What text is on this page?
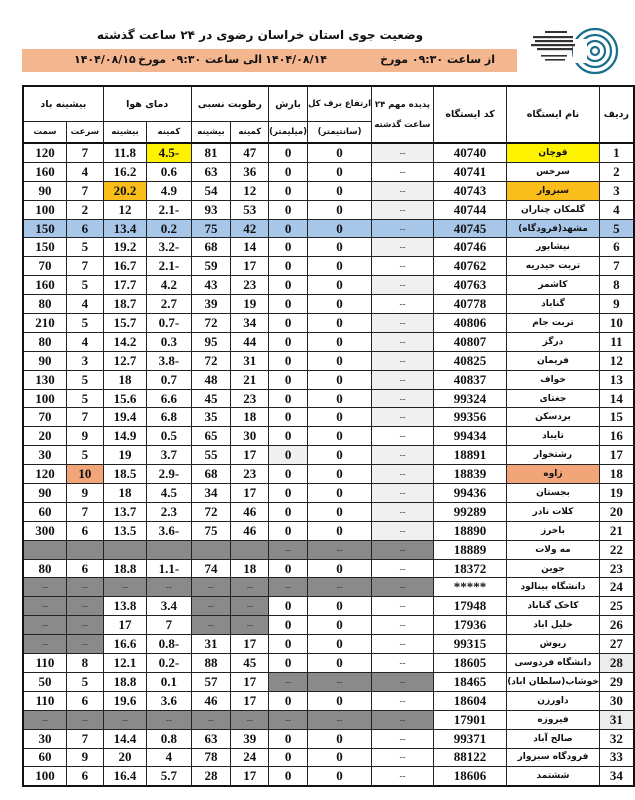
وضعیت جوی استان خراسان رضوی در ۲۴ ساعت گذشته
از ساعت ۰۹:۳۰ مورخ
۱۴۰۴/۰۸/۱۴
الی ساعت ۰۹:۳۰ مورخ
۱۴۰۴/۰۸/۱۵
ردیف	نام ایستگاه	کد ایستگاه	پدیده مهم ۲۴ ساعت گذشته	ارتفاع برف کل	بارش	رطوبت نسبی		دمای هوا		بیشینه باد	
				(سانتیمتر)	(میلیمتر)	کمینه	بیشینه	کمینه	بیشینه	سرعت	سمت
1	قوچان	40740	--	0	0	47	81	-4.5	11.8	7	120
2	سرخس	40741	--	0	0	36	63	0.6	16.2	4	160
3	سبزوار	40743	--	0	0	12	54	4.9	20.2	7	90
4	گلمکان چناران	40744	--	0	0	53	93	-2.1	12	2	100
5	مشهد(فرودگاه)	40745	--	0	0	42	75	0.2	13.4	6	150
6	نیشابور	40746	--	0	0	14	68	-3.2	19.2	5	150
7	تربت حیدریه	40762	--	0	0	17	59	-2.1	16.7	7	70
8	کاشمر	40763	--	0	0	23	43	4.2	17.7	5	160
9	گناباد	40778	--	0	0	19	39	2.7	18.7	4	80
10	تربت جام	40806	--	0	0	34	72	-0.7	15.7	5	210
11	درگز	40807	--	0	0	44	95	0.3	14.2	4	80
12	فریمان	40825	--	0	0	31	72	-3.8	12.7	3	90
13	خواف	40837	--	0	0	21	48	0.7	18	5	130
14	جغتای	99324	--	0	0	23	45	6.6	15.6	5	100
15	بردسکن	99356	--	0	0	18	35	6.8	19.4	7	70
16	تایباد	99434	--	0	0	30	65	0.5	14.9	9	20
17	رشتخوار	18891	--	0	0	17	55	3.7	19	5	30
18	زاوه	18839	--	0	0	23	68	-2.9	18.5	10	120
19	بجستان	99436	--	0	0	17	34	4.5	18	9	90
20	کلات نادر	99289	--	0	0	46	72	2.3	13.7	7	60
21	باخرز	18890	--	0	0	46	75	-3.6	13.5	6	300
22	مه ولات	18889	--	--	--						
23	جوین	18372	--	0	0	18	74	-1.1	18.8	6	80
24	دانشگاه بینالود	*****	--	--	--	--	--	--	--	--	--
25	کاخک گناباد	17948	--	0	0	--	--	3.4	13.8	--	--
26	خلیل اباد	17936	--	0	0	--	--	7	17	--	--
27	ریوش	99315	--	0	0	17	31	-0.8	16.6	--	--
28	دانشگاه فردوسی	18605	--	0	0	45	88	-0.2	12.1	8	110
29	خوشاب(سلطان اباد)	18465	--	--	--	17	57	0.1	18.8	5	50
30	داورزن	18604	--	0	0	17	46	3.6	19.6	6	110
31	فیروزه	17901	--	--	--	--	--	--	--	--	--
32	صالح آباد	99371	--	0	0	39	63	0.8	14.4	7	30
33	فرودگاه سبزوار	88122	--	0	0	24	78	4	20	9	60
34	ششتمد	18606	--	0	0	17	28	5.7	16.4	6	100
